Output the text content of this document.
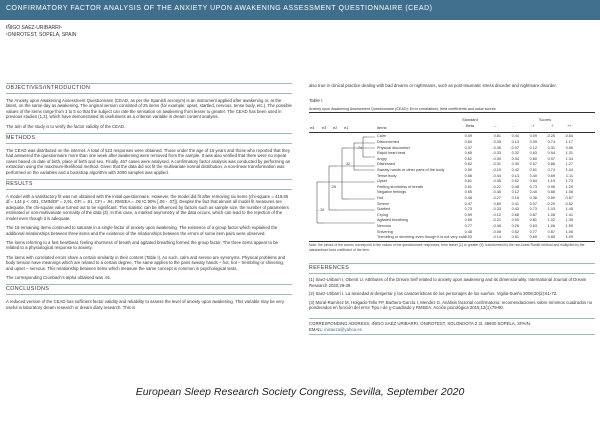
CONFIRMATORY FACTOR ANALYSIS OF THE ANXIETY UPON AWAKENING ASSESSMENT QUESTIONNAIRE (CEAD)
IÑIGO SAEZ-URIBARRI¹
¹ONIROTEST, SOPELA, SPAIN
OBJECTIVES/INTRODUCTION

The Anxiety upon Awakening Assessment Questionnaire (CEAD, as per the Spanish acronym) is an instrument applied after awakening or, at the latest, on the same day as awakening. The original version consisted of 25 items (for example: upset, startled, nervous, tense body, etc.). The possible values of the items range from 1 to 5 so that the subject can rate the sensation on awakening from lesser to greater. The CEAD has been used in previous studies (1,2), which have demonstrated its usefulness as a criterion variable in dream content analysis.

The aim of the study is to verify the factor validity of the CEAD.

METHODS

The CEAD was distributed on the internet. A total of 523 responses were obtained. Those under the age of 16 years and those who reported that they had answered the questionnaire more than one week after awakening were removed from the sample. It was also verified that there were no repeat cases based on date of birth, place of birth and sex. Finally, 467 cases were analysed. A confirmatory factor analysis was conducted by performing an extraction using the maximum-likelihood method. Given that the data did not fit the multivariate normal distribution, a non-linear transformation was performed on the variables and a bootstrap algorithm with 2000 samples was applied.

RESULTS

A model with a satisfactory fit was not obtained with the initial questionnaire. However, the model did fit after removing six items (chi-square = 419,85 df = 144 p < .001, CMIN/DF = 2,91, GFI = .91, CFI = .94, RMSEA = .06 IC 90% [.06 - .07]). Despite the fact that almost all model fit measures are adequate, the chi-square value turned out to be significant. This statistic can be influenced by factors such as sample size, the number of parameters estimated or non-multivariate normality of the data (3). In this case, a marked asymmetry of the data occurs, which can lead to the rejection of the model even though it is adequate.

The 19 remaining items continued to saturate in a single factor of anxiety upon awakening. The existence of a group factor which explained the additional relationships between three items and the existence of the relationships between the errors of some item pairs were observed.

The items referring to a fast heartbeat, feeling shortness of breath and agitated breathing formed the group factor. The three items appear to be related to a physiological response to anxiety.

The items with correlated errors share a certain similarity in their content (Table I). As such, calm and serene are synonyms. Physical problems and body tension have meanings which are related to a certain degree. The same applies to the pairs sweaty hands – hot, hot – trembling or shivering, and upset – nervous. This relationship between items which measure the same concept is common in psychological tests.

The corresponding Cronbach’s alpha obtained was .91.

CONCLUSIONS

A reduced version of the CEAD has sufficient factor validity and reliability to assess the level of anxiety upon awakening. This variable may be very useful in laboratory dream research or dream diary research. This is

also true in clinical practice dealing with bad dreams or nightmares, such as post-traumatic stress disorder and nightmare disorder.

Table I
Anxiety upon Awakening Assessment Questionnaire (CEAD): Error correlations, beta coefficients and value scores
Scores
Standard
Beta
Items
e4 e3 e2 e1	--	-	-+	+	++
.74
.32
.28
-.20
Calm	0.49	0.81	0.44	0.09	-0.25	-0.64
Disconcerted	0.60	-0.39	0.13	0.39	0.74	1.17
Physical discomfort	0.37	-0.36	-0.07	0.12	0.31	0.56
Rapid heart beat	0.65	-0.33	0.32	0.63	0.94	1.31
Angry	0.62	-0.30	0.34	0.60	0.97	1.34
Distressed	0.62	-0.31	0.30	0.57	0.88	1.27
Sweaty hands or other parts of the body	0.50	-0.15	0.42	0.61	0.74	1.04
Tense body	0.66	-0.44	0.13	0.40	0.69	1.11
Upset	0.81	-0.35	0.52	0.84	1.19	1.73
Feeling shortness of breath	0.61	-0.22	0.48	0.73	0.96	1.29
Negative feelings	0.65	-0.45	0.12	0.40	0.68	1.06
Hot	0.46	-0.27	0.16	0.36	0.59	0.87
Serene	0.47	0.80	0.41	0.07	-0.25	-0.62
Startled	0.73	-0.33	0.43	0.73	1.03	1.45
Crying	0.59	-0.12	0.68	0.87	1.08	1.41
Agitated breathing	0.65	-0.21	0.53	0.81	1.02	1.35
Nervous	0.77	-0.46	0.26	0.63	1.06	1.59
Shivering	0.48	-0.08	0.62	0.77	0.87	1.06
Trembling or shivering even though it is not very cold
0.53	-0.14	0.51	0.69	0.85	1.09
Note: the values of the scores correspond to the values of the questionnaire responses, from lesser (1) to greater (5), transformed by the non-linear Rankit method and multiplied by the standardised beta coefficient of the item.
REFERENCES

(1) Saez-Uribarri I, Oberst U. Attributes of the Dream Self related to anxiety upon awakening and its dimensionality. International Journal of Dream Research 2020;29-39.

(2) Saez-Uribarri I. La ansiedad al despertar y las características de los personajes de los sueños. Vigilia-Sueño 2008;20(2):61-72.

(3) Moral-Ramírez M, Holgado-Tello FP, Barbero-García I, Mendez G. Análisis factorial confirmatorio: recomendaciones sobre mínimos cuadrados no ponderados en función del error Tipo I de χ-Cuadrado y RMSEA. Acción psicológica 2015;12(1):79-90.

CORRESPONDING ADDRESS: IÑIGO SAEZ URIBARRI, ONIROTEST, SOLONDOTA 2 3I, 48600 SOPELA, SPAIN.
EMAIL: inisaeza@yahoo.es
European Sleep Research Society Congress, Sevilla, September 2020
